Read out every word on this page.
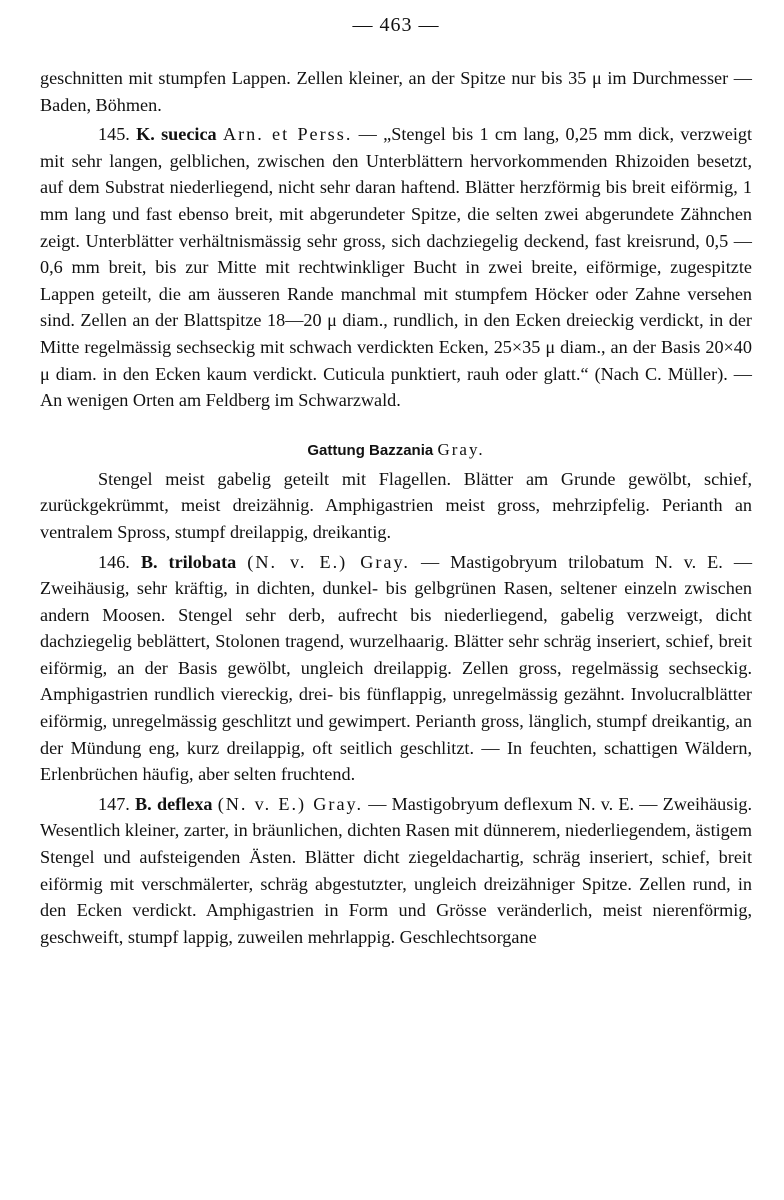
— 463 —

geschnitten mit stumpfen Lappen. Zellen kleiner, an der Spitze nur bis 35 μ im Durchmesser — Baden, Böhmen.

145. K. suecica Arn. et Perss. — „Stengel bis 1 cm lang, 0,25 mm dick, verzweigt mit sehr langen, gelblichen, zwischen den Unterblättern hervorkommenden Rhizoiden besetzt, auf dem Substrat niederliegend, nicht sehr daran haftend. Blätter herzförmig bis breit eiförmig, 1 mm lang und fast ebenso breit, mit abgerundeter Spitze, die selten zwei abgerundete Zähnchen zeigt. Unterblätter verhältnismässig sehr gross, sich dachziegelig deckend, fast kreisrund, 0,5 — 0,6 mm breit, bis zur Mitte mit rechtwinkliger Bucht in zwei breite, eiförmige, zugespitzte Lappen geteilt, die am äusseren Rande manchmal mit stumpfem Höcker oder Zahne versehen sind. Zellen an der Blattspitze 18—20 μ diam., rundlich, in den Ecken dreieckig verdickt, in der Mitte regelmässig sechseckig mit schwach verdickten Ecken, 25×35 μ diam., an der Basis 20×40 μ diam. in den Ecken kaum verdickt. Cuticula punktiert, rauh oder glatt.“ (Nach C. Müller). — An wenigen Orten am Feldberg im Schwarzwald.

Gattung Bazzania Gray.

Stengel meist gabelig geteilt mit Flagellen. Blätter am Grunde gewölbt, schief, zurückgekrümmt, meist dreizähnig. Amphigastrien meist gross, mehrzipfelig. Perianth an ventralem Spross, stumpf dreilappig, dreikantig.

146. B. trilobata (N. v. E.) Gray. — Mastigobryum trilobatum N. v. E. — Zweihäusig, sehr kräftig, in dichten, dunkel- bis gelbgrünen Rasen, seltener einzeln zwischen andern Moosen. Stengel sehr derb, aufrecht bis niederliegend, gabelig verzweigt, dicht dachziegelig beblättert, Stolonen tragend, wurzelhaarig. Blätter sehr schräg inseriert, schief, breit eiförmig, an der Basis gewölbt, ungleich dreilappig. Zellen gross, regelmässig sechseckig. Amphigastrien rundlich viereckig, drei- bis fünflappig, unregelmässig gezähnt. Involucralblätter eiförmig, unregelmässig geschlitzt und gewimpert. Perianth gross, länglich, stumpf dreikantig, an der Mündung eng, kurz dreilappig, oft seitlich geschlitzt. — In feuchten, schattigen Wäldern, Erlenbrüchen häufig, aber selten fruchtend.

147. B. deflexa (N. v. E.) Gray. — Mastigobryum deflexum N. v. E. — Zweihäusig. Wesentlich kleiner, zarter, in bräunlichen, dichten Rasen mit dünnerem, niederliegendem, ästigem Stengel und aufsteigenden Ästen. Blätter dicht ziegeldachartig, schräg inseriert, schief, breit eiförmig mit verschmälerter, schräg abgestutzter, ungleich dreizähniger Spitze. Zellen rund, in den Ecken verdickt. Amphigastrien in Form und Grösse veränderlich, meist nierenförmig, geschweift, stumpf lappig, zuweilen mehrlappig. Geschlechtsorgane
